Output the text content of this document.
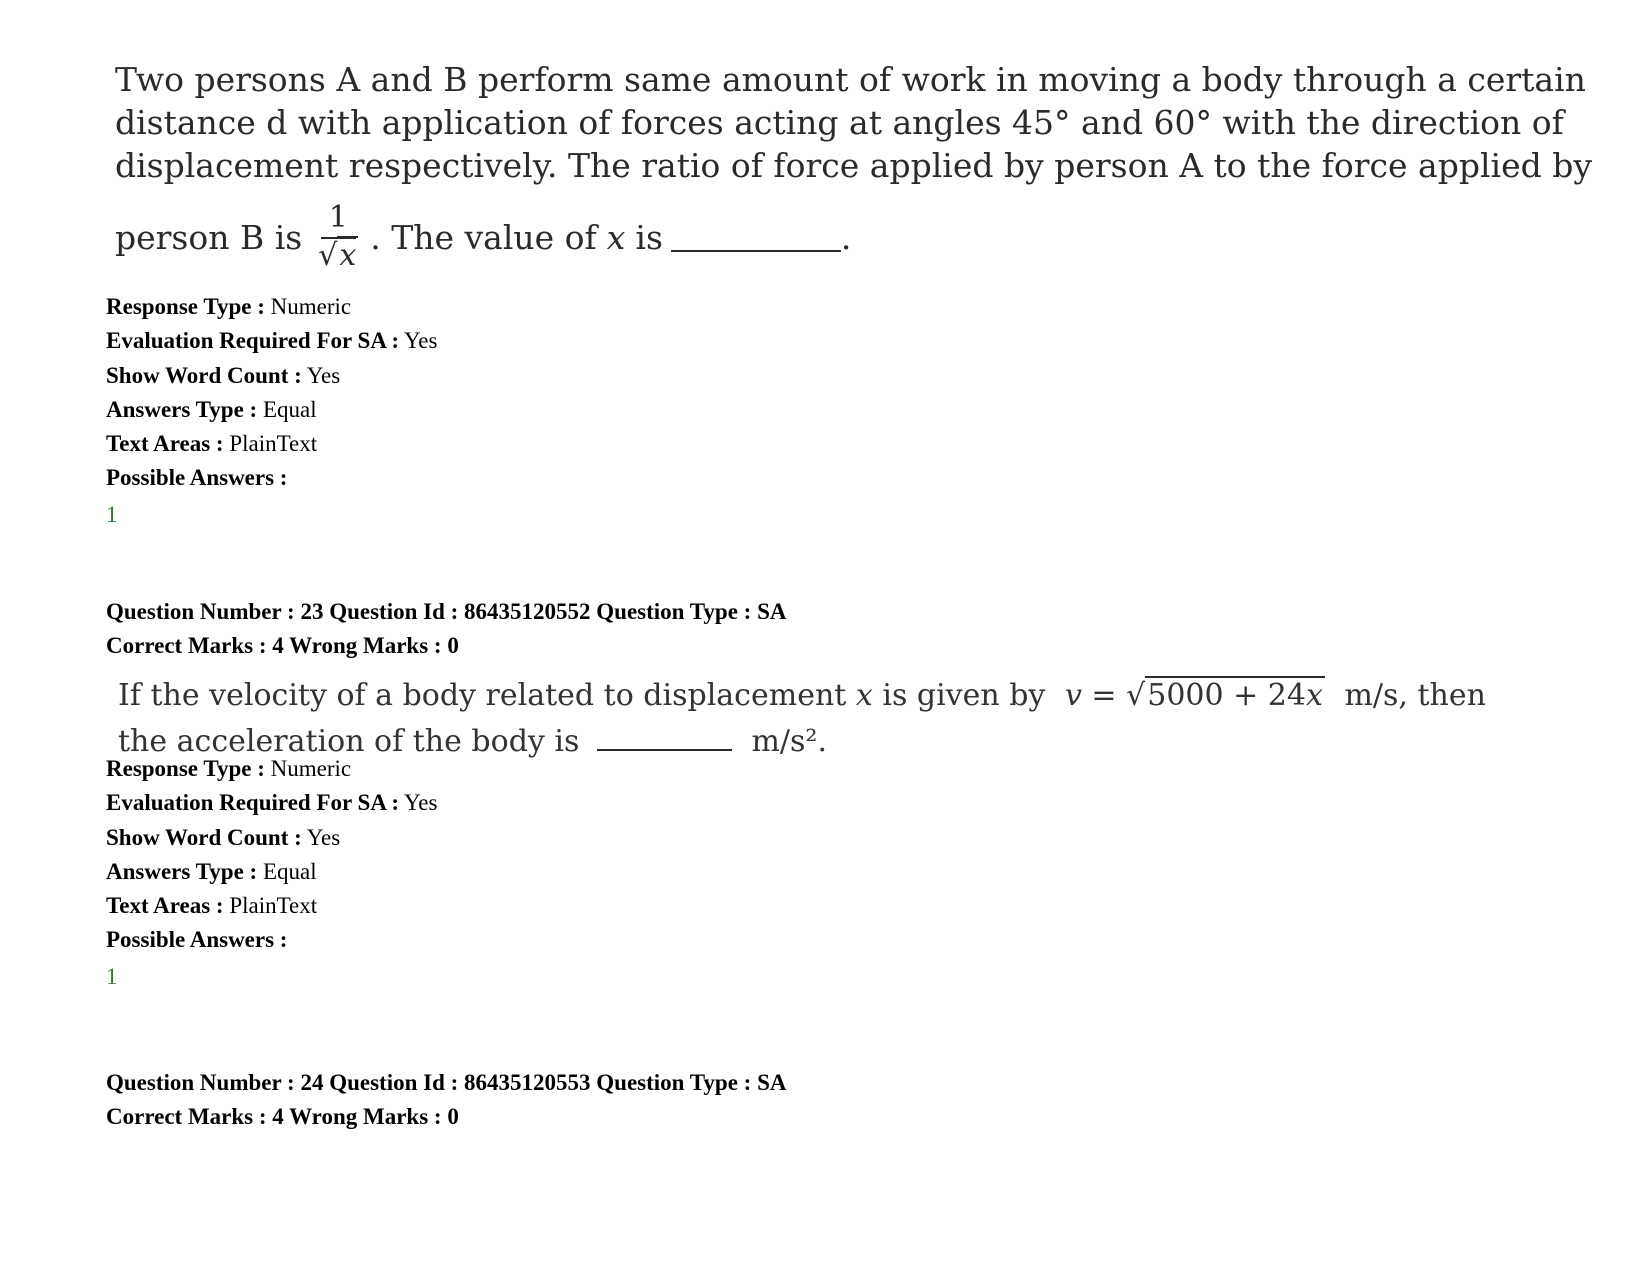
Two persons A and B perform same amount of work in moving a body through a certain

distance d with application of forces acting at angles 45° and 60° with the direction of

displacement respectively. The ratio of force applied by person A to the force applied by

person B is $\frac{1}{√x}$ . The value of x is	.
Response Type : Numeric
Evaluation Required For SA : Yes
Show Word Count : Yes
Answers Type : Equal
Text Areas : PlainText
Possible Answers :
1
Question Number : 23 Question Id : 86435120552 Question Type : SA
Correct Marks : 4 Wrong Marks : 0
If the velocity of a body related to displacement x is given by v = √5000 + 24x m/s, then
the acceleration of the body is	m/s².
Response Type : Numeric
Evaluation Required For SA : Yes
Show Word Count : Yes
Answers Type : Equal
Text Areas : PlainText
Possible Answers :
1
Question Number : 24 Question Id : 86435120553 Question Type : SA
Correct Marks : 4 Wrong Marks : 0
